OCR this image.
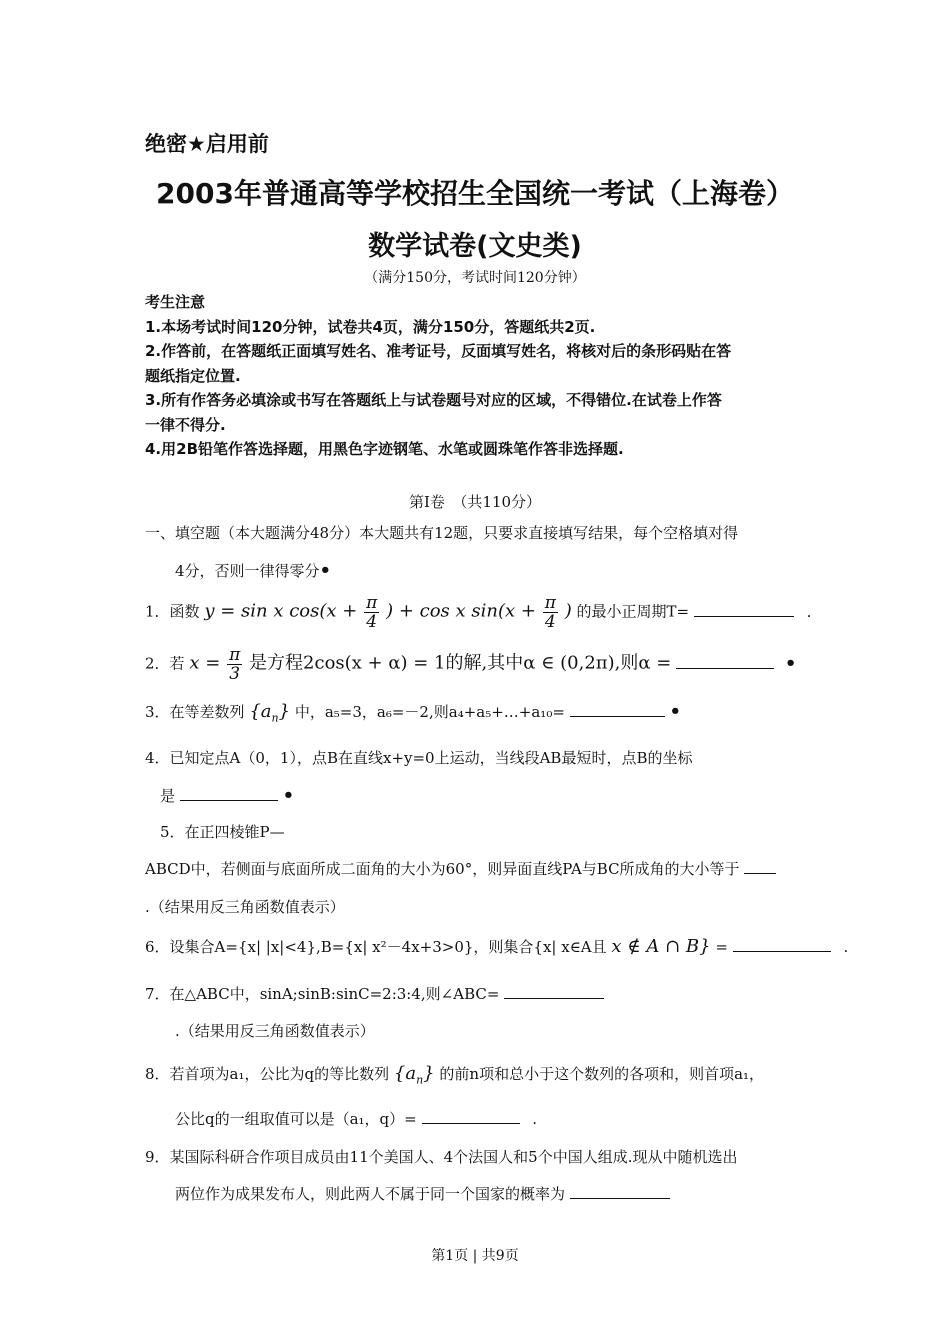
绝密★启用前
2003年普通高等学校招生全国统一考试（上海卷）
数学试卷(文史类)
（满分150分，考试时间120分钟）
考生注意
1.本场考试时间120分钟，试卷共4页，满分150分，答题纸共2页.
2.作答前，在答题纸正面填写姓名、准考证号，反面填写姓名，将核对后的条形码贴在答
题纸指定位置.
3.所有作答务必填涂或书写在答题纸上与试卷题号对应的区域，不得错位.在试卷上作答
一律不得分.
4.用2B铅笔作答选择题，用黑色字迹钢笔、水笔或圆珠笔作答非选择题.
第I卷　（共110分）
一、填空题（本大题满分48分）本大题共有12题，只要求直接填写结果，每个空格填对得
4分，否则一律得零分•
1．函数 y = sin x $\cos(x + \frac{\pi}{4}$ ) + cos x $\sin(x + \frac{\pi}{4}$ ) 的最小正周期T=	.
2．若 $x = \frac{\pi}{3}$ 是方程2cos(x + α) = 1的解,其中α ∈ (0,2π),则α =	•
3．在等差数列 $\{a_n\}$ 中，a₅=3，a₆=－2,则a₄+a₅+…+a₁₀=	•
4．已知定点A（0，1），点B在直线x+y=0上运动，当线段AB最短时，点B的坐标
是	•
5．在正四棱锥P—
ABCD中，若侧面与底面所成二面角的大小为60°，则异面直线PA与BC所成角的大小等于
.（结果用反三角函数值表示）
6．设集合A={x| |x|<4},B={x| x²－4x+3>0}，则集合{x| x∈A且 x ∉ A ∩ B} =	.
7．在△ABC中，sinA;sinB:sinC=2:3:4,则∠ABC=
.（结果用反三角函数值表示）
8．若首项为a₁，公比为q的等比数列 $\{a_n\}$ 的前n项和总小于这个数列的各项和，则首项a₁，
公比q的一组取值可以是（a₁，q）=	.
9．某国际科研合作项目成员由11个美国人、4个法国人和5个中国人组成.现从中随机选出
两位作为成果发布人，则此两人不属于同一个国家的概率为
第1页 | 共9页
